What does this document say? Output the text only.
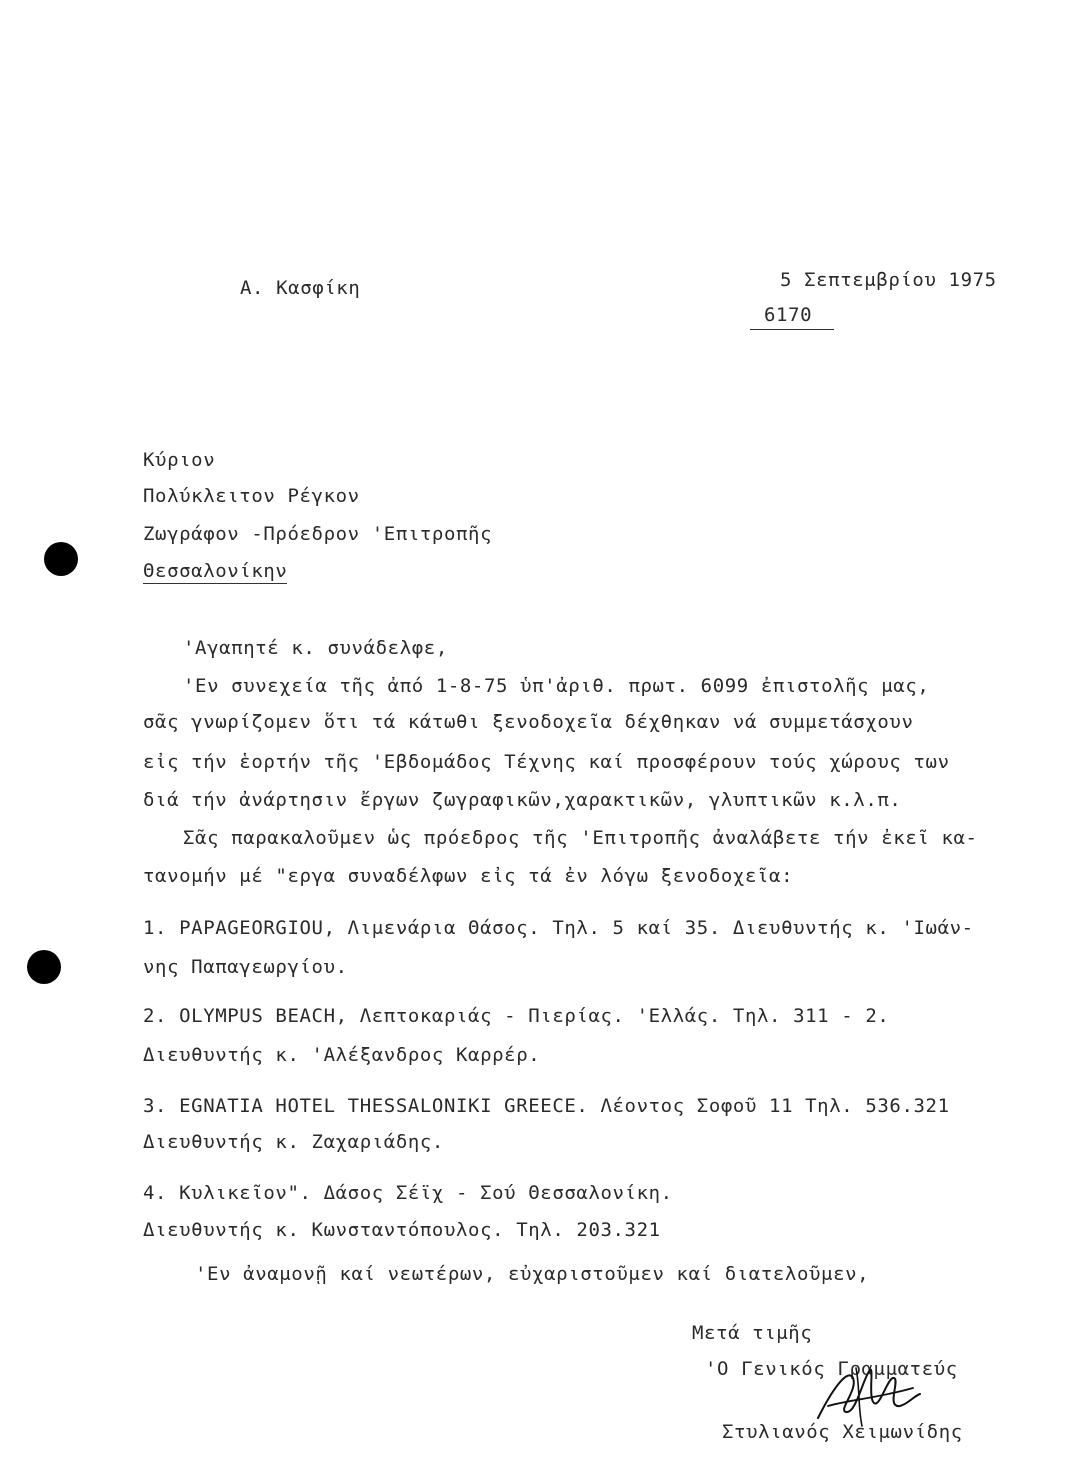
Α. Κασφίκη	5 Σεπτεμβρίου 1975
6170
Κύριον
Πολύκλειτον Ρέγκον
Ζωγράφον -Πρόεδρον 'Επιτροπῆς
Θεσσαλονίκην
'Αγαπητέ κ. συνάδελφε,
'Εν συνεχεία τῆς ἀπό 1-8-75 ὑπ'ἀριθ. πρωτ. 6099 ἐπιστολῆς μας,
σᾶς γνωρίζομεν ὅτι τά κάτωθι ξενοδοχεῖα δέχθηκαν νά συμμετάσχουν
εἰς τήν ἑορτήν τῆς 'Εβδομάδος Τέχνης καί προσφέρουν τούς χώρους των
διά τήν ἀνάρτησιν ἔργων ζωγραφικῶν,χαρακτικῶν, γλυπτικῶν κ.λ.π.
Σᾶς παρακαλοῦμεν ὡς πρόεδρος τῆς 'Επιτροπῆς ἀναλάβετε τήν ἐκεῖ κα-
τανομήν μέ "εργα συναδέλφων εἰς τά ἐν λόγω ξενοδοχεῖα:
1. PAPAGEORGIOU, Λιμενάρια Θάσος. Τηλ. 5 καί 35. Διευθυντής κ. 'Ιωάν-
νης Παπαγεωργίου.
2. OLYMPUS BEACH, Λεπτοκαριάς - Πιερίας. 'Ελλάς. Τηλ. 311 - 2.
Διευθυντής κ. 'Αλέξανδρος Καρρέρ.
3. EGNATIA HOTEL THESSALONIKI GREECE. Λέοντος Σοφοῦ 11 Τηλ. 536.321
Διευθυντής κ. Ζαχαριάδης.
4. Κυλικεῖον". Δάσος Σέϊχ - Σού Θεσσαλονίκη.
Διευθυντής κ. Κωνσταντόπουλος. Τηλ. 203.321
'Εν ἀναμονῇ καί νεωτέρων, εὐχαριστοῦμεν καί διατελοῦμεν,
Μετά τιμῆς
'Ο Γενικός Γραμματεύς
Στυλιανός Χειμωνίδης
